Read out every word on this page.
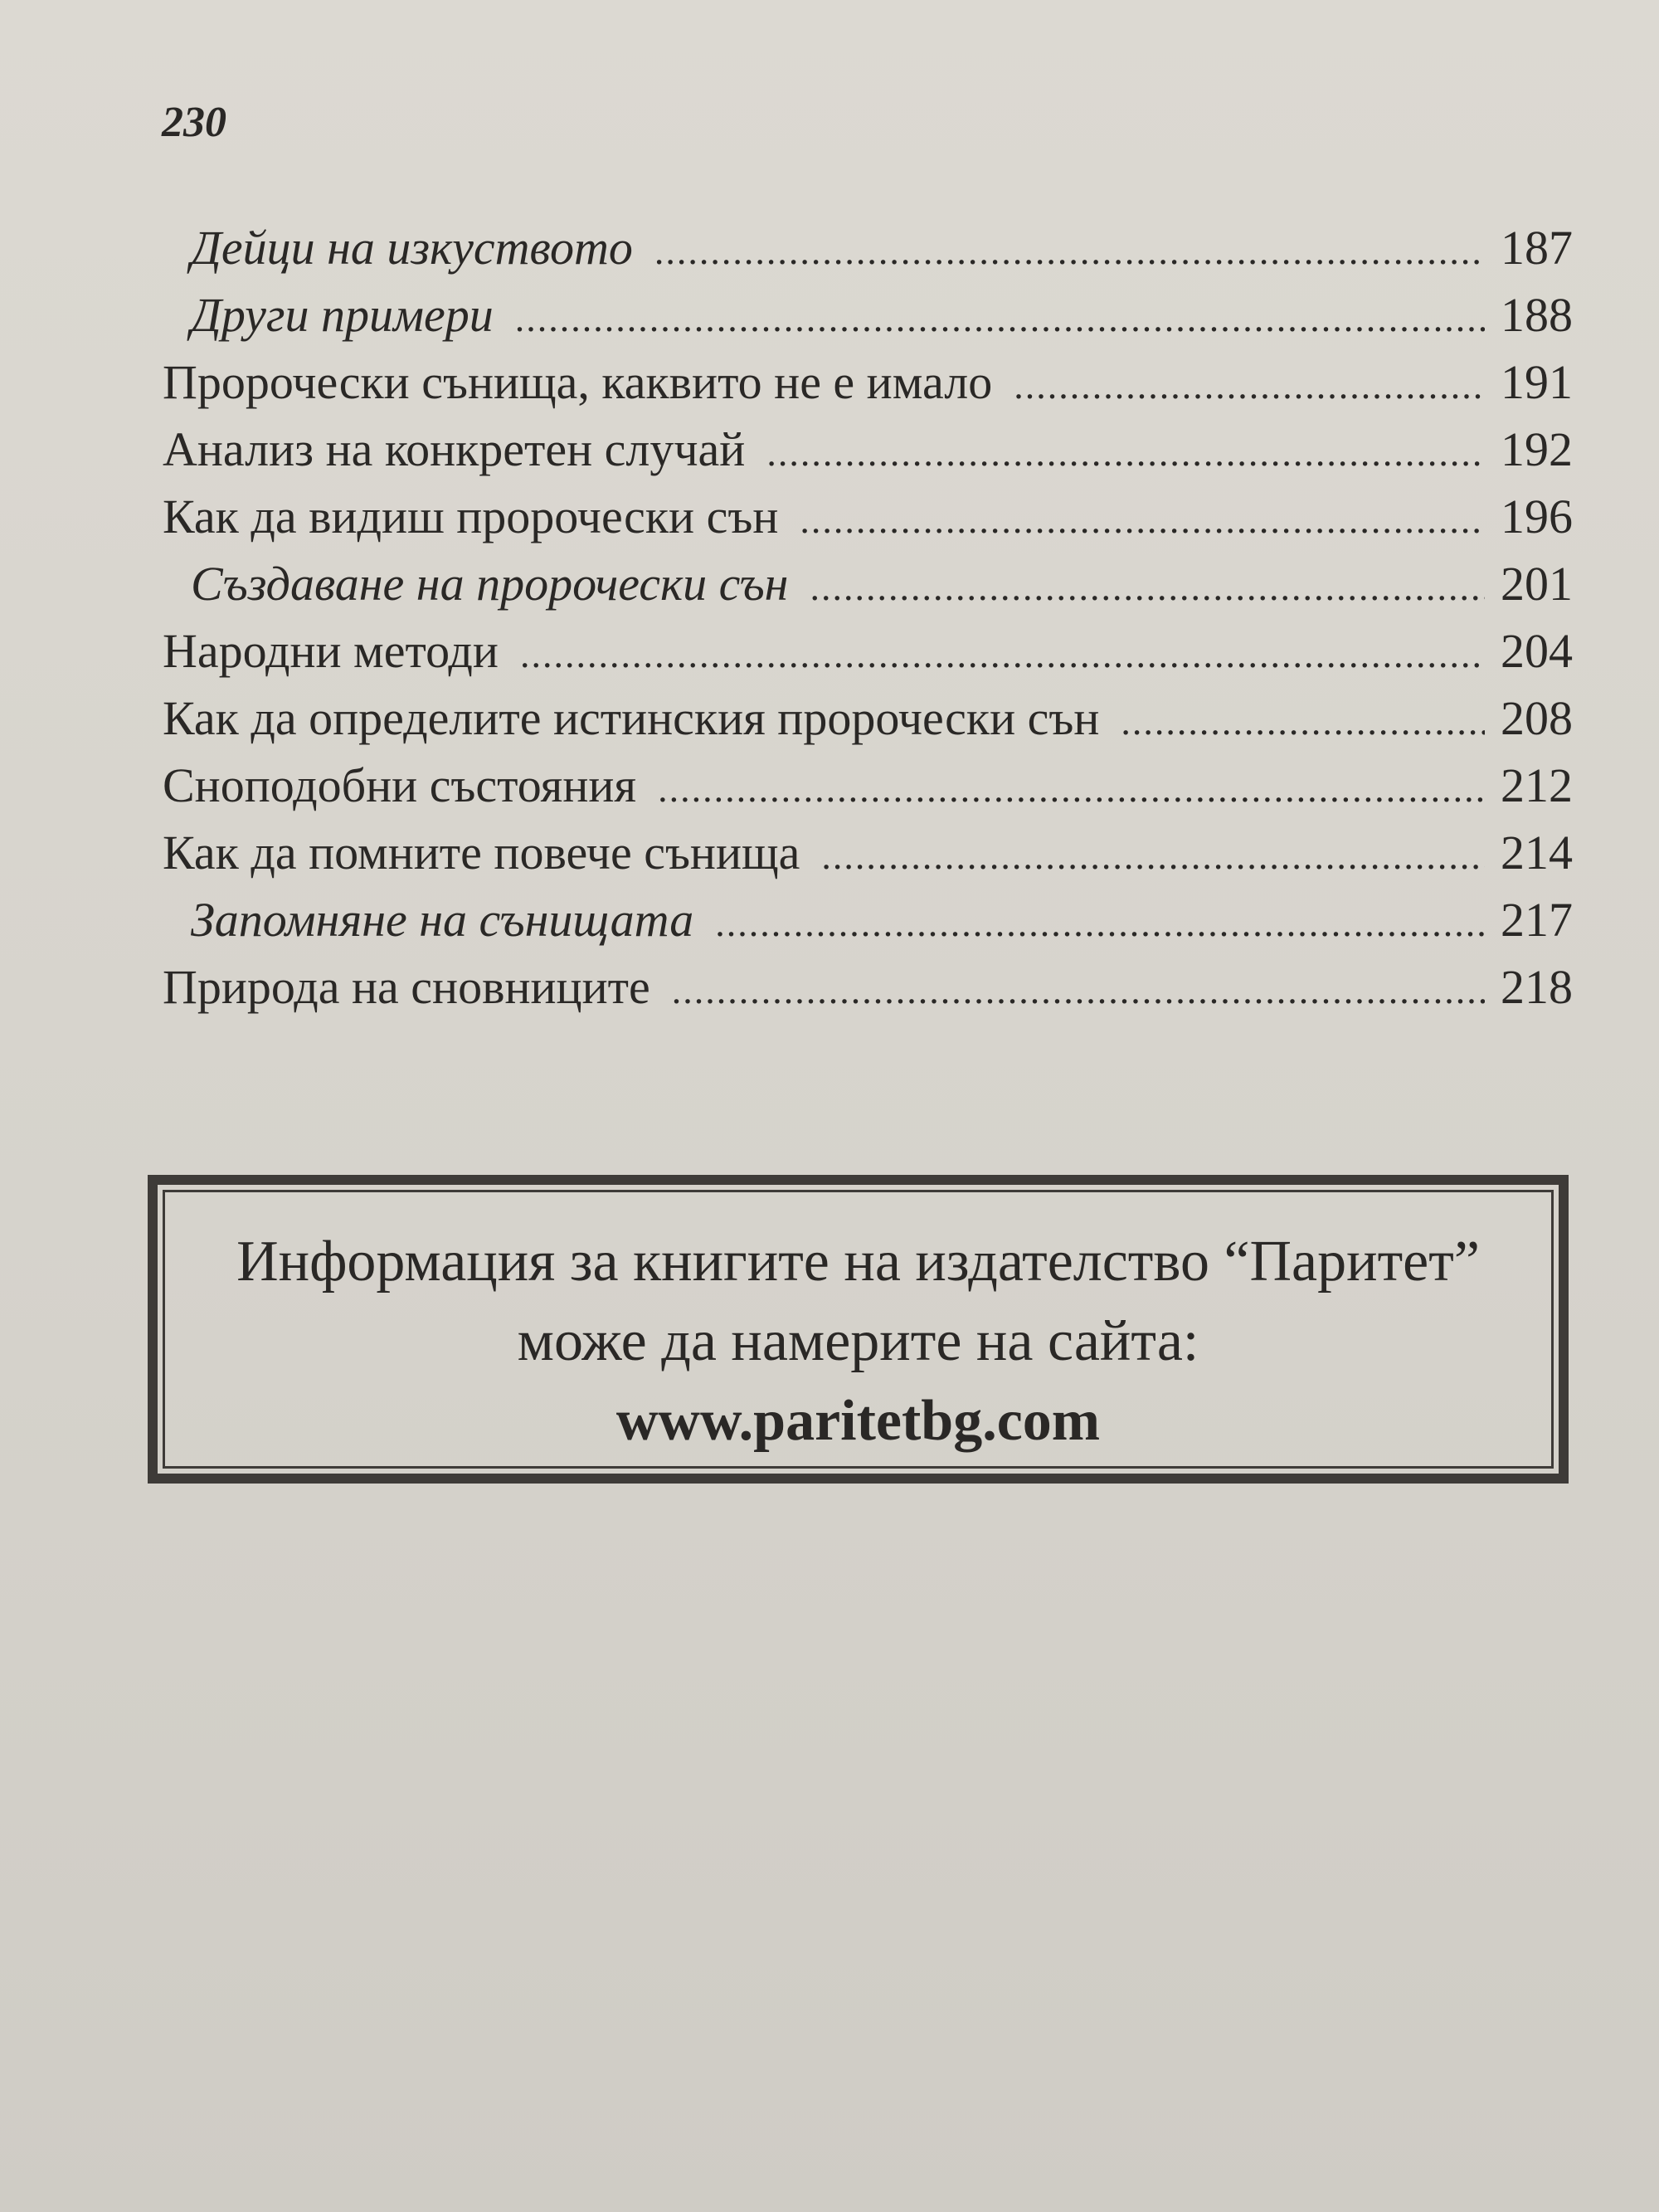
230

Дейци на изкуството .....	187
Други примери .....	188
Пророчески сънища, каквито не е имало .....	191
Анализ на конкретен случай .....	192
Как да видиш пророчески сън .....	196
Създаване на пророчески сън .....	201
Народни методи .....	204
Как да определите истинския пророчески сън .....	208
Сноподобни състояния .....	212
Как да помните повече сънища .....	214
Запомняне на сънищата .....	217
Природа на сновниците .....	218

Информация за книгите на издателство “Паритет”

може да намерите на сайта:

www.paritetbg.com
